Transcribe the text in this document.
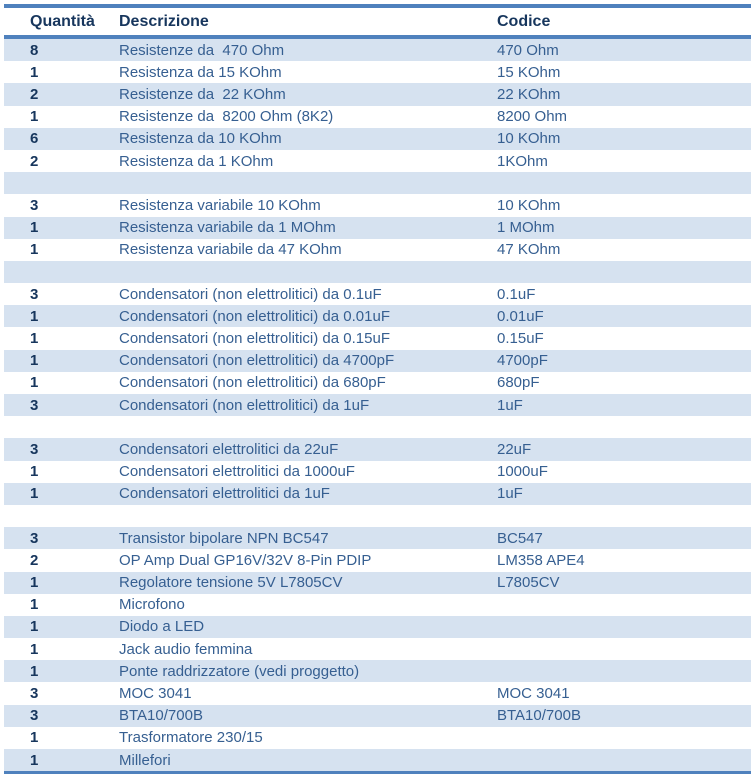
Quantità	Descrizione	Codice
8	Resistenze da  470 Ohm	470 Ohm
1	Resistenza da 15 KOhm	15 KOhm
2	Resistenze da  22 KOhm	22 KOhm
1	Resistenze da  8200 Ohm (8K2)	8200 Ohm
6	Resistenza da 10 KOhm	10 KOhm
2	Resistenza da 1 KOhm	1KOhm
3	Resistenza variabile 10 KOhm	10 KOhm
1	Resistenza variabile da 1 MOhm	1 MOhm
1	Resistenza variabile da 47 KOhm	47 KOhm
3	Condensatori (non elettrolitici) da 0.1uF	0.1uF
1	Condensatori (non elettrolitici) da 0.01uF	0.01uF
1	Condensatori (non elettrolitici) da 0.15uF	0.15uF
1	Condensatori (non elettrolitici) da 4700pF	4700pF
1	Condensatori (non elettrolitici) da 680pF	680pF
3	Condensatori (non elettrolitici) da 1uF	1uF
3	Condensatori elettrolitici da 22uF	22uF
1	Condensatori elettrolitici da 1000uF	1000uF
1	Condensatori elettrolitici da 1uF	1uF
3	Transistor bipolare NPN BC547	BC547
2	OP Amp Dual GP16V/32V 8-Pin PDIP	LM358 APE4
1	Regolatore tensione 5V L7805CV	L7805CV
1	Microfono
1	Diodo a LED
1	Jack audio femmina
1	Ponte raddrizzatore (vedi proggetto)
3	MOC 3041	MOC 3041
3	BTA10/700B	BTA10/700B
1	Trasformatore 230/15
1	Millefori
